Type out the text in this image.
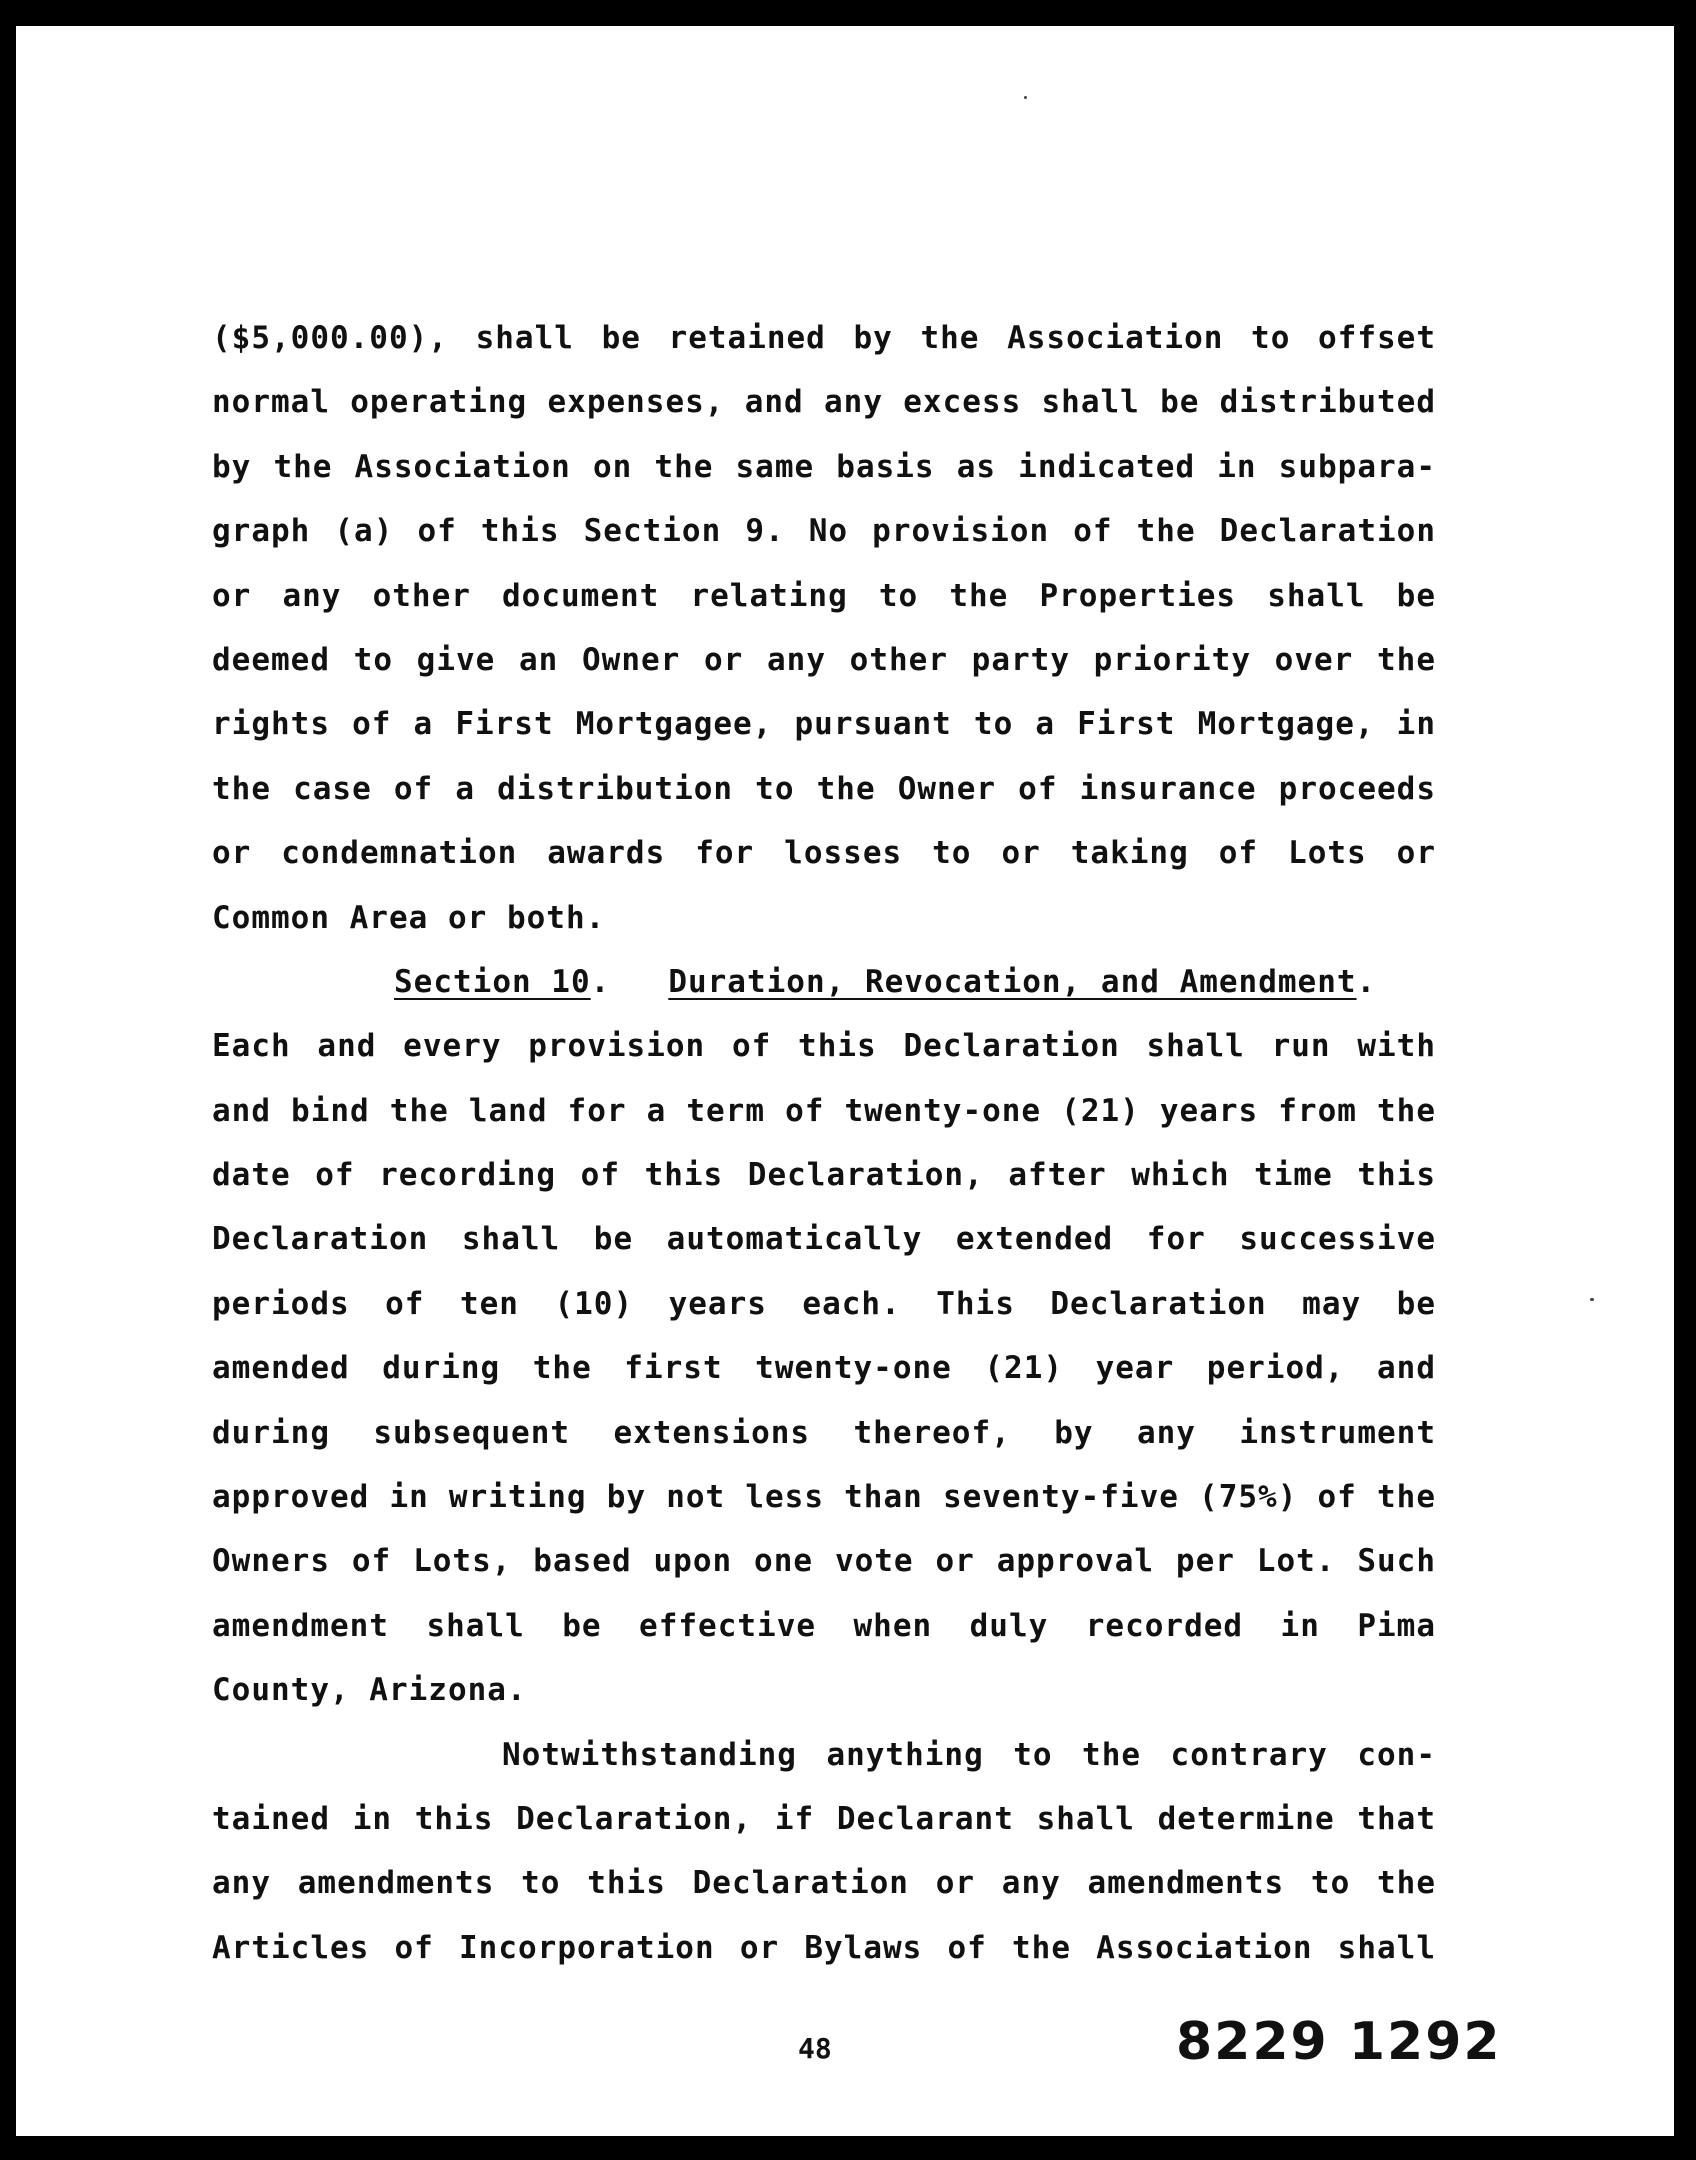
($5,000.00), shall be retained by the Association to offset
normal operating expenses, and any excess shall be distributed
by the Association on the same basis as indicated in subpara-
graph (a) of this Section 9. No provision of the Declaration
or any other document relating to the Properties shall be
deemed to give an Owner or any other party priority over the
rights of a First Mortgagee, pursuant to a First Mortgage, in
the case of a distribution to the Owner of insurance proceeds
or condemnation awards for losses to or taking of Lots or
Common Area or both.
Section 10. Duration, Revocation, and Amendment.
Each and every provision of this Declaration shall run with
and bind the land for a term of twenty-one (21) years from the
date of recording of this Declaration, after which time this
Declaration shall be automatically extended for successive
periods of ten (10) years each. This Declaration may be
amended during the first twenty-one (21) year period, and
during subsequent extensions thereof, by any instrument
approved in writing by not less than seventy-five (75%) of the
Owners of Lots, based upon one vote or approval per Lot. Such
amendment shall be effective when duly recorded in Pima
County, Arizona.
Notwithstanding anything to the contrary con-
tained in this Declaration, if Declarant shall determine that
any amendments to this Declaration or any amendments to the
Articles of Incorporation or Bylaws of the Association shall
48	8229 1292
